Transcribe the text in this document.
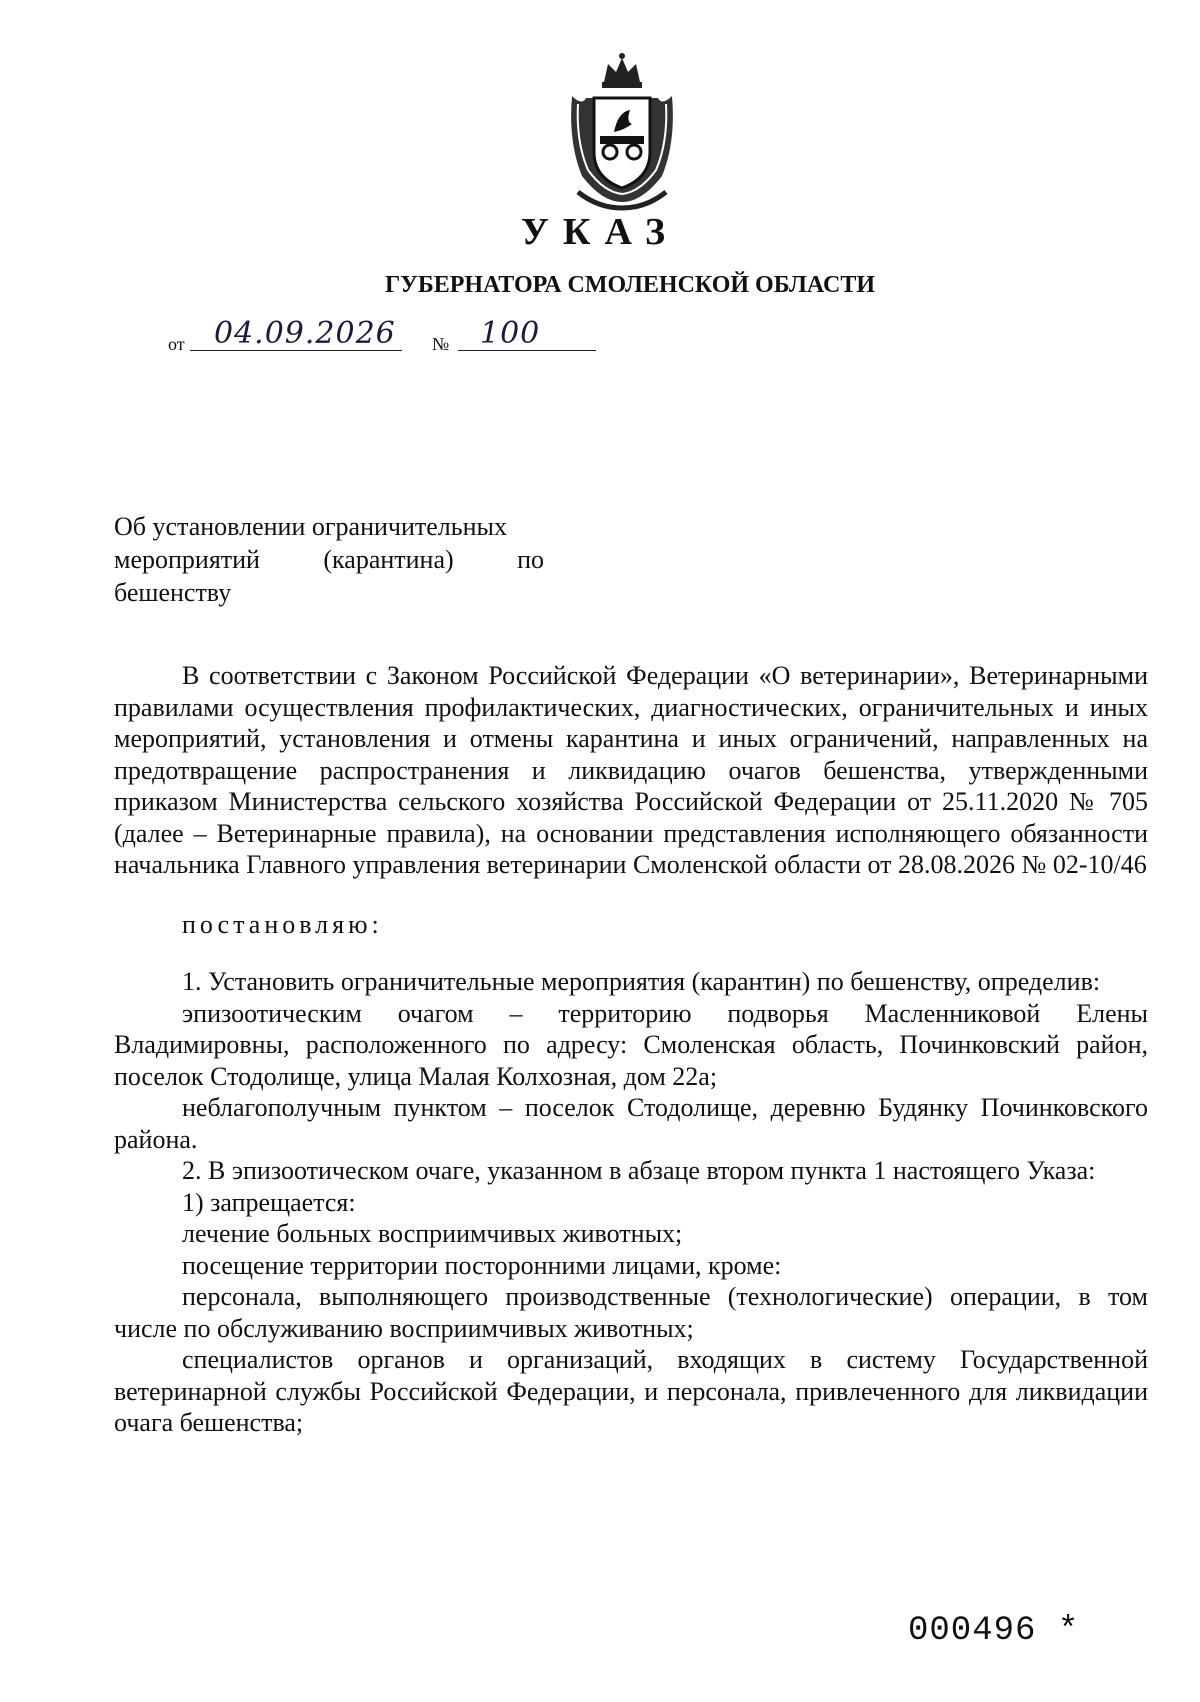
УКАЗ
ГУБЕРНАТОРА СМОЛЕНСКОЙ ОБЛАСТИ
от 04.09.2026 № 100
Об установлении ограничительных
мероприятий (карантина) по
бешенству

В соответствии с Законом Российской Федерации «О ветеринарии», Ветеринарными правилами осуществления профилактических, диагностических, ограничительных и иных мероприятий, установления и отмены карантина и иных ограничений, направленных на предотвращение распространения и ликвидацию очагов бешенства, утвержденными приказом Министерства сельского хозяйства Российской Федерации от 25.11.2020 № 705 (далее – Ветеринарные правила), на основании представления исполняющего обязанности начальника Главного управления ветеринарии Смоленской области от 28.08.2026 № 02-10/46

постановляю:

1. Установить ограничительные мероприятия (карантин) по бешенству, определив:

эпизоотическим очагом – территорию подворья Масленниковой Елены Владимировны, расположенного по адресу: Смоленская область, Починковский район, поселок Стодолище, улица Малая Колхозная, дом 22а;

неблагополучным пунктом – поселок Стодолище, деревню Будянку Починковского района.

2. В эпизоотическом очаге, указанном в абзаце втором пункта 1 настоящего Указа:

1) запрещается:

лечение больных восприимчивых животных;

посещение территории посторонними лицами, кроме:

персонала, выполняющего производственные (технологические) операции, в том числе по обслуживанию восприимчивых животных;

специалистов органов и организаций, входящих в систему Государственной ветеринарной службы Российской Федерации, и персонала, привлеченного для ликвидации очага бешенства;

000496 *
